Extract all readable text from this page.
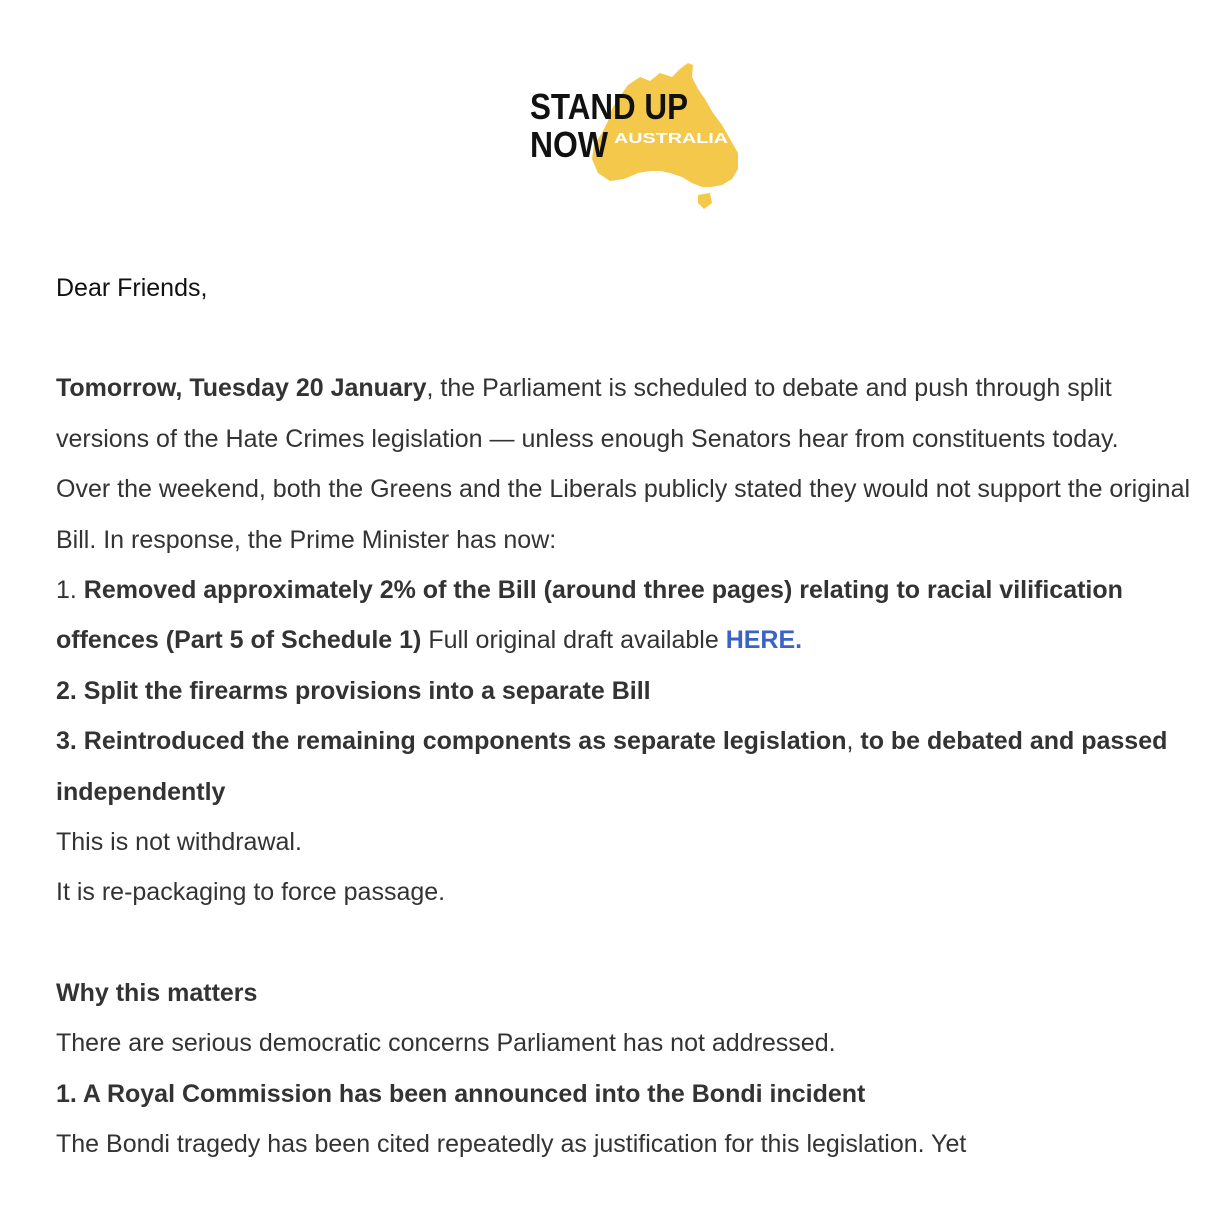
STAND UP
NOW AUSTRALIA

Dear Friends,

Tomorrow, Tuesday 20 January, the Parliament is scheduled to debate and push through split versions of the Hate Crimes legislation — unless enough Senators hear from constituents today.

Over the weekend, both the Greens and the Liberals publicly stated they would not support the original Bill. In response, the Prime Minister has now:

1. Removed approximately 2% of the Bill (around three pages) relating to racial vilification offences (Part 5 of Schedule 1) Full original draft available HERE.

2. Split the firearms provisions into a separate Bill

3. Reintroduced the remaining components as separate legislation, to be debated and passed independently

This is not withdrawal.

It is re-packaging to force passage.

Why this matters

There are serious democratic concerns Parliament has not addressed.

1. A Royal Commission has been announced into the Bondi incident

The Bondi tragedy has been cited repeatedly as justification for this legislation. Yet
